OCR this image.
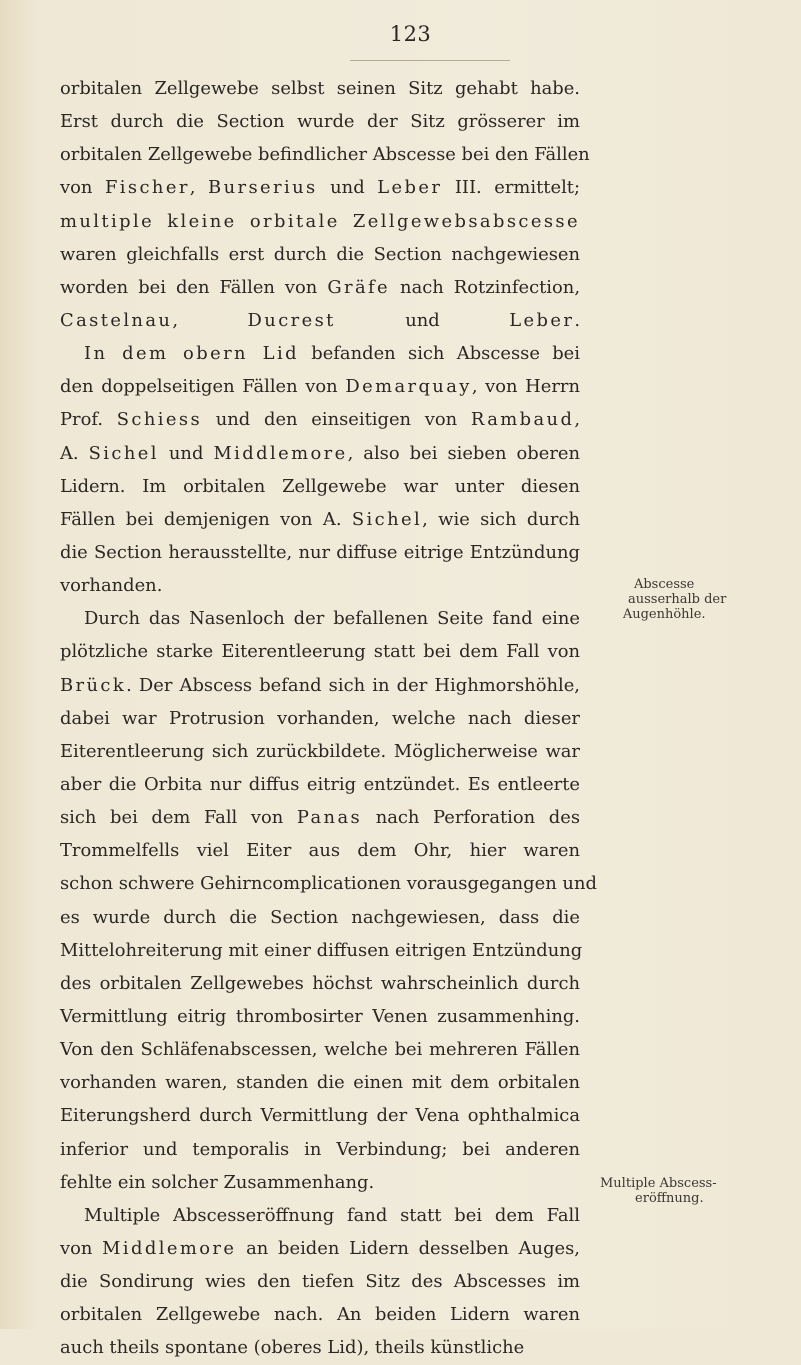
123
orbitalen Zellgewebe selbst seinen Sitz gehabt habe.
Erst durch die Section wurde der Sitz grösserer im
orbitalen Zellgewebe befindlicher Abscesse bei den Fällen
von Fischer, Burserius und Leber III. ermittelt;
multiple kleine orbitale Zellgewebsabscesse
waren gleichfalls erst durch die Section nachgewiesen
worden bei den Fällen von Gräfe nach Rotzinfection,
Castelnau, Ducrest und Leber.
In dem obern Lid befanden sich Abscesse bei
den doppelseitigen Fällen von Demarquay, von Herrn
Prof. Schiess und den einseitigen von Rambaud,
A. Sichel und Middlemore, also bei sieben oberen
Lidern. Im orbitalen Zellgewebe war unter diesen
Fällen bei demjenigen von A. Sichel, wie sich durch
die Section herausstellte, nur diffuse eitrige Entzündung
vorhanden.
Durch das Nasenloch der befallenen Seite fand eine
plötzliche starke Eiterentleerung statt bei dem Fall von
Brück. Der Abscess befand sich in der Highmorshöhle,
dabei war Protrusion vorhanden, welche nach dieser
Eiterentleerung sich zurückbildete. Möglicherweise war
aber die Orbita nur diffus eitrig entzündet. Es entleerte
sich bei dem Fall von Panas nach Perforation des
Trommelfells viel Eiter aus dem Ohr, hier waren
schon schwere Gehirncomplicationen vorausgegangen und
es wurde durch die Section nachgewiesen, dass die
Mittelohreiterung mit einer diffusen eitrigen Entzündung
des orbitalen Zellgewebes höchst wahrscheinlich durch
Vermittlung eitrig thrombosirter Venen zusammenhing.
Von den Schläfenabscessen, welche bei mehreren Fällen
vorhanden waren, standen die einen mit dem orbitalen
Eiterungsherd durch Vermittlung der Vena ophthalmica
inferior und temporalis in Verbindung; bei anderen
fehlte ein solcher Zusammenhang.
Multiple Abscesseröffnung fand statt bei dem Fall
von Middlemore an beiden Lidern desselben Auges,
die Sondirung wies den tiefen Sitz des Abscesses im
orbitalen Zellgewebe nach. An beiden Lidern waren
auch theils spontane (oberes Lid), theils künstliche
Abscesse
ausserhalb der
Augenhöhle.
Multiple Abscess-
eröffnung.
